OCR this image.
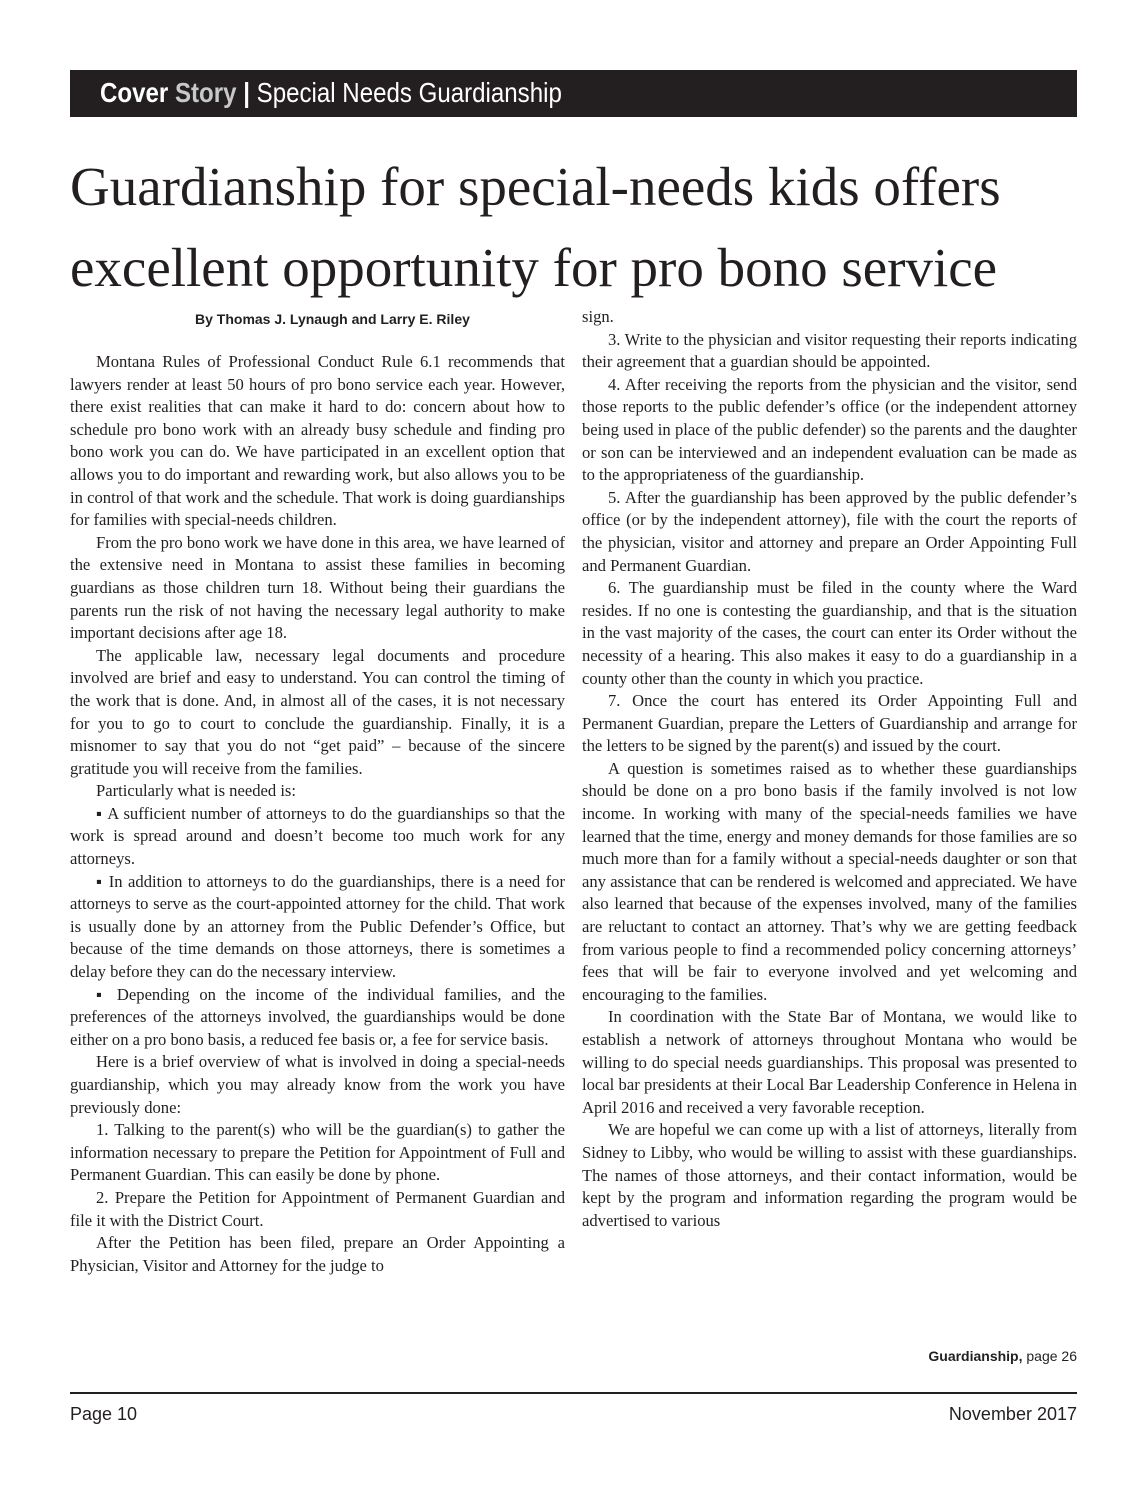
Cover Story | Special Needs Guardianship
Guardianship for special-needs kids offers
excellent opportunity for pro bono service
By Thomas J. Lynaugh and Larry E. Riley

Montana Rules of Professional Conduct Rule 6.1 recommends that lawyers render at least 50 hours of pro bono service each year. However, there exist realities that can make it hard to do: concern about how to schedule pro bono work with an already busy schedule and finding pro bono work you can do. We have participated in an excellent option that allows you to do important and rewarding work, but also allows you to be in control of that work and the schedule. That work is doing guardianships for families with special-needs children.

From the pro bono work we have done in this area, we have learned of the extensive need in Montana to assist these families in becoming guardians as those children turn 18. Without being their guardians the parents run the risk of not having the necessary legal authority to make important decisions after age 18.

The applicable law, necessary legal documents and procedure involved are brief and easy to understand. You can control the timing of the work that is done. And, in almost all of the cases, it is not necessary for you to go to court to conclude the guardianship. Finally, it is a misnomer to say that you do not “get paid” – because of the sincere gratitude you will receive from the families.

Particularly what is needed is:

▪ A sufficient number of attorneys to do the guardianships so that the work is spread around and doesn’t become too much work for any attorneys.

▪ In addition to attorneys to do the guardianships, there is a need for attorneys to serve as the court-appointed attorney for the child. That work is usually done by an attorney from the Public Defender’s Office, but because of the time demands on those attorneys, there is sometimes a delay before they can do the necessary interview.

▪ Depending on the income of the individual families, and the preferences of the attorneys involved, the guardianships would be done either on a pro bono basis, a reduced fee basis or, a fee for service basis.

Here is a brief overview of what is involved in doing a special-needs guardianship, which you may already know from the work you have previously done:

1. Talking to the parent(s) who will be the guardian(s) to gather the information necessary to prepare the Petition for Appointment of Full and Permanent Guardian. This can easily be done by phone.

2. Prepare the Petition for Appointment of Permanent Guardian and file it with the District Court.

After the Petition has been filed, prepare an Order Appointing a Physician, Visitor and Attorney for the judge to

sign.

3. Write to the physician and visitor requesting their reports indicating their agreement that a guardian should be appointed.

4. After receiving the reports from the physician and the visitor, send those reports to the public defender’s office (or the independent attorney being used in place of the public defender) so the parents and the daughter or son can be interviewed and an independent evaluation can be made as to the appropriateness of the guardianship.

5. After the guardianship has been approved by the public defender’s office (or by the independent attorney), file with the court the reports of the physician, visitor and attorney and prepare an Order Appointing Full and Permanent Guardian.

6. The guardianship must be filed in the county where the Ward resides. If no one is contesting the guardianship, and that is the situation in the vast majority of the cases, the court can enter its Order without the necessity of a hearing. This also makes it easy to do a guardianship in a county other than the county in which you practice.

7. Once the court has entered its Order Appointing Full and Permanent Guardian, prepare the Letters of Guardianship and arrange for the letters to be signed by the parent(s) and issued by the court.

A question is sometimes raised as to whether these guardianships should be done on a pro bono basis if the family involved is not low income. In working with many of the special-needs families we have learned that the time, energy and money demands for those families are so much more than for a family without a special-needs daughter or son that any assistance that can be rendered is welcomed and appreciated. We have also learned that because of the expenses involved, many of the families are reluctant to contact an attorney. That’s why we are getting feedback from various people to find a recommended policy concerning attorneys’ fees that will be fair to everyone involved and yet welcoming and encouraging to the families.

In coordination with the State Bar of Montana, we would like to establish a network of attorneys throughout Montana who would be willing to do special needs guardianships. This proposal was presented to local bar presidents at their Local Bar Leadership Conference in Helena in April 2016 and received a very favorable reception.

We are hopeful we can come up with a list of attorneys, literally from Sidney to Libby, who would be willing to assist with these guardianships. The names of those attorneys, and their contact information, would be kept by the program and information regarding the program would be advertised to various

Guardianship, page 26
Page 10	November 2017
